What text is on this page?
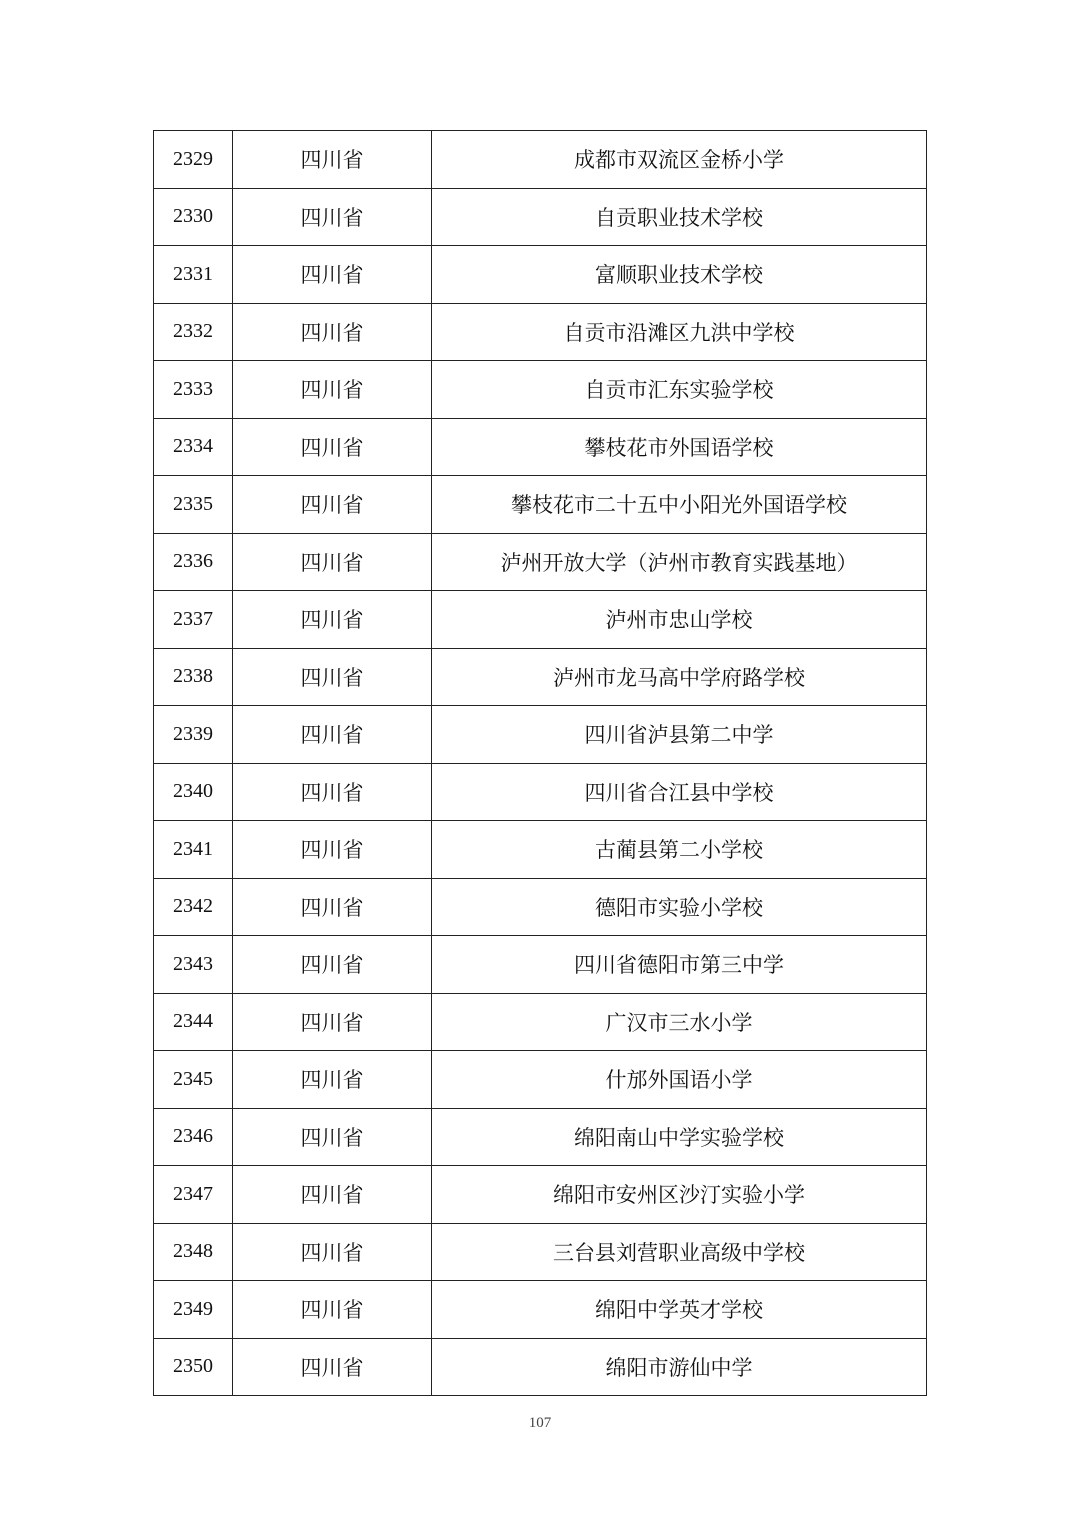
2329	四川省	成都市双流区金桥小学
2330	四川省	自贡职业技术学校
2331	四川省	富顺职业技术学校
2332	四川省	自贡市沿滩区九洪中学校
2333	四川省	自贡市汇东实验学校
2334	四川省	攀枝花市外国语学校
2335	四川省	攀枝花市二十五中小阳光外国语学校
2336	四川省	泸州开放大学（泸州市教育实践基地）
2337	四川省	泸州市忠山学校
2338	四川省	泸州市龙马高中学府路学校
2339	四川省	四川省泸县第二中学
2340	四川省	四川省合江县中学校
2341	四川省	古蔺县第二小学校
2342	四川省	德阳市实验小学校
2343	四川省	四川省德阳市第三中学
2344	四川省	广汉市三水小学
2345	四川省	什邡外国语小学
2346	四川省	绵阳南山中学实验学校
2347	四川省	绵阳市安州区沙汀实验小学
2348	四川省	三台县刘营职业高级中学校
2349	四川省	绵阳中学英才学校
2350	四川省	绵阳市游仙中学
107
